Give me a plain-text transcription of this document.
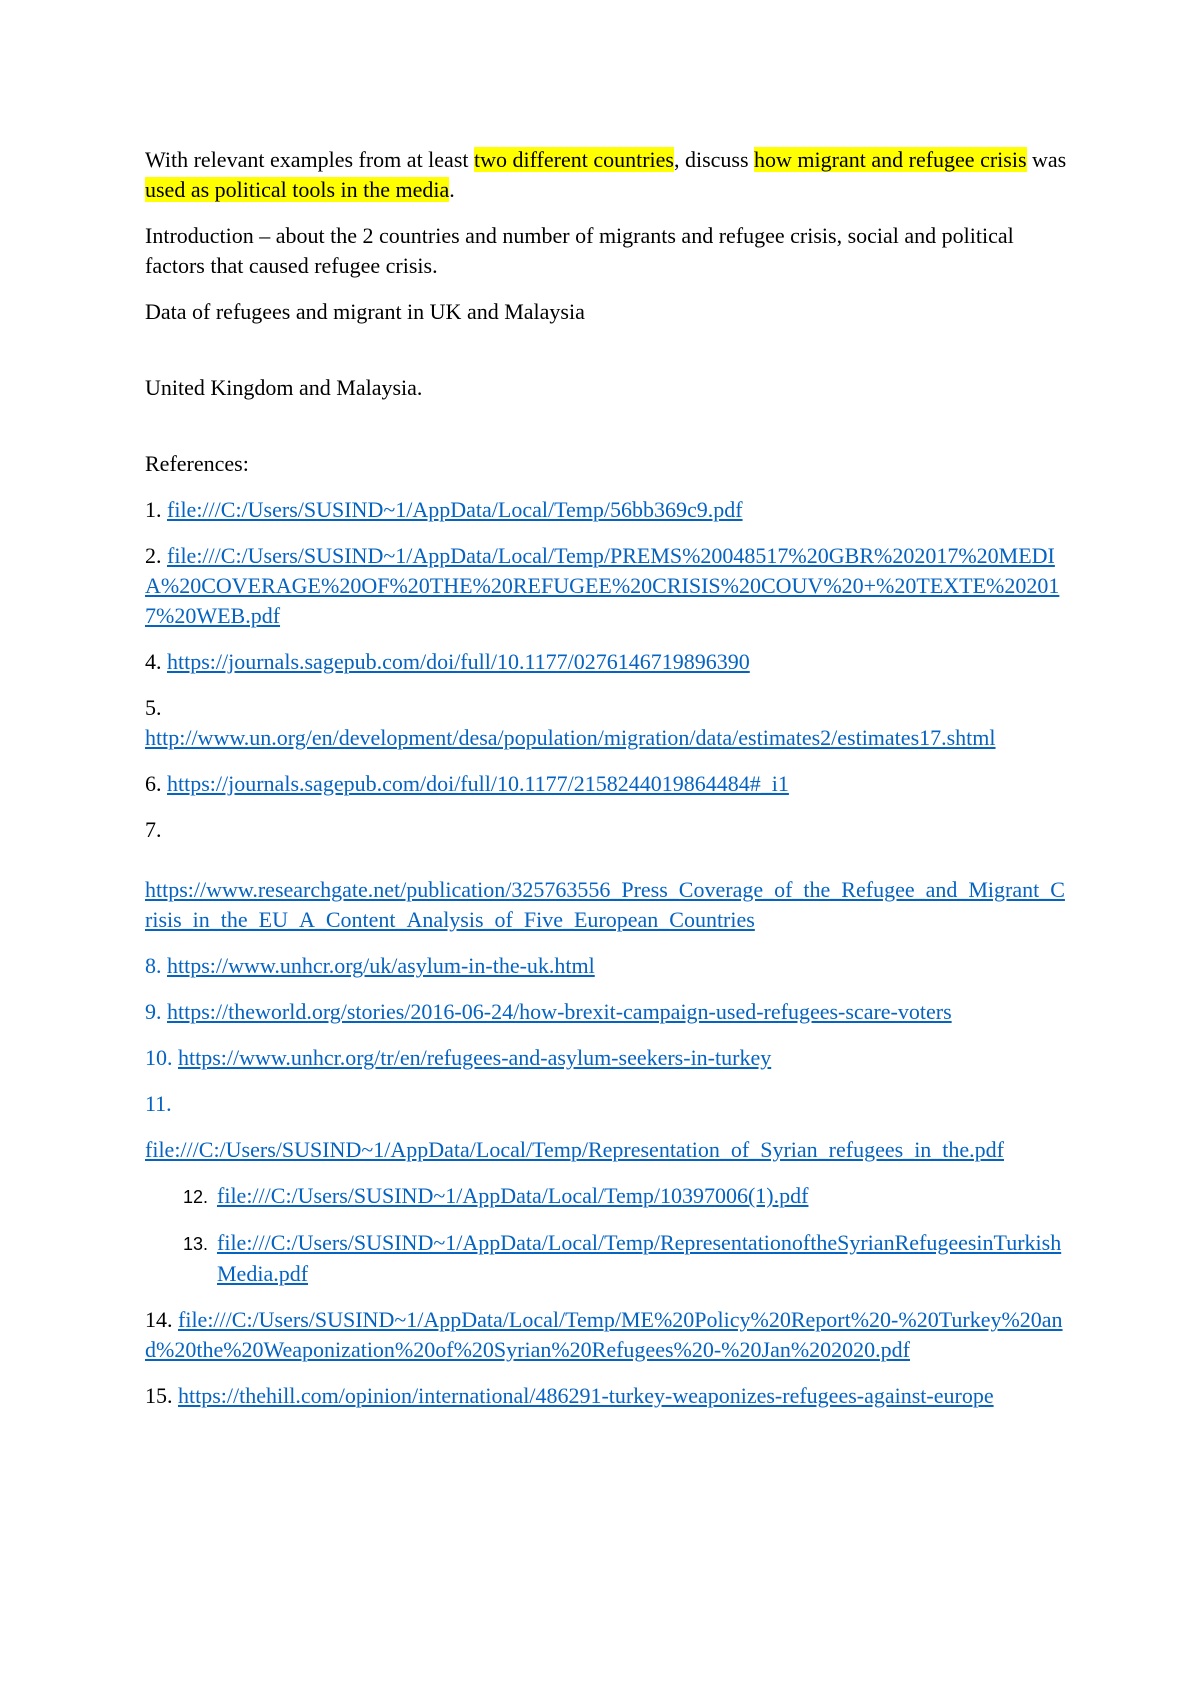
With relevant examples from at least two different countries, discuss how migrant and refugee crisis was used as political tools in the media.

Introduction – about the 2 countries and number of migrants and refugee crisis, social and political factors that caused refugee crisis.

Data of refugees and migrant in UK and Malaysia

United Kingdom and Malaysia.

References:

1. file:///C:/Users/SUSIND~1/AppData/Local/Temp/56bb369c9.pdf

2. file:///C:/Users/SUSIND~1/AppData/Local/Temp/PREMS%20048517%20GBR%202017%20MEDIA%20COVERAGE%20OF%20THE%20REFUGEE%20CRISIS%20COUV%20+%20TEXTE%202017%20WEB.pdf

4. https://journals.sagepub.com/doi/full/10.1177/0276146719896390

5.
http://www.un.org/en/development/desa/population/migration/data/estimates2/estimates17.shtml

6. https://journals.sagepub.com/doi/full/10.1177/2158244019864484#_i1

7.

https://www.researchgate.net/publication/325763556_Press_Coverage_of_the_Refugee_and_Migrant_Crisis_in_the_EU_A_Content_Analysis_of_Five_European_Countries

8. https://www.unhcr.org/uk/asylum-in-the-uk.html

9. https://theworld.org/stories/2016-06-24/how-brexit-campaign-used-refugees-scare-voters

10. https://www.unhcr.org/tr/en/refugees-and-asylum-seekers-in-turkey

11.

file:///C:/Users/SUSIND~1/AppData/Local/Temp/Representation_of_Syrian_refugees_in_the.pdf

12. file:///C:/Users/SUSIND~1/AppData/Local/Temp/10397006(1).pdf

13. file:///C:/Users/SUSIND~1/AppData/Local/Temp/RepresentationoftheSyrianRefugeesinTurkishMedia.pdf

14. file:///C:/Users/SUSIND~1/AppData/Local/Temp/ME%20Policy%20Report%20-%20Turkey%20and%20the%20Weaponization%20of%20Syrian%20Refugees%20-%20Jan%202020.pdf

15. https://thehill.com/opinion/international/486291-turkey-weaponizes-refugees-against-europe
